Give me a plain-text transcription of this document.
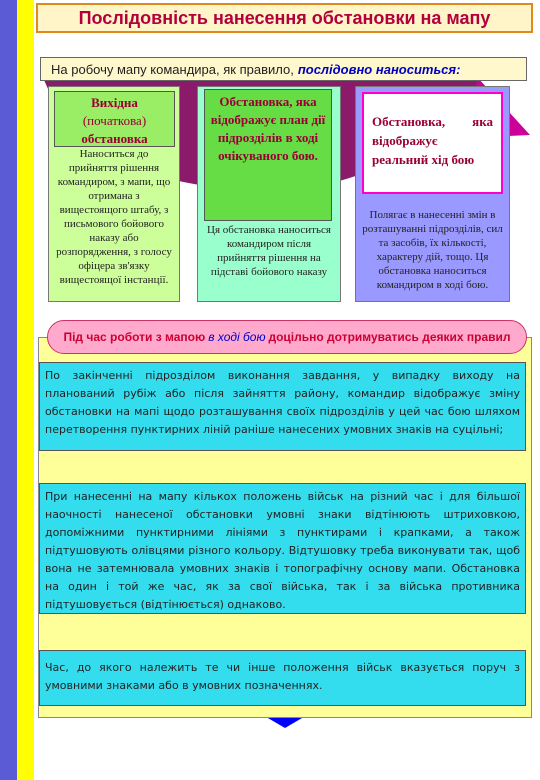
Послідовність нанесення обстановки на мапу
На робочу мапу командира, як правило, послідовно наноситься:
Наноситься до прийняття рішення командиром, з мапи, що отримана з вищестоящого штабу, з письмового бойового наказу або розпорядження, з голосу офіцера зв'язку вищестоящої інстанції.
Вихідна
(початкова)
обстановка
Ця обстановка наноситься командиром після прийняття рішення на підставі бойового наказу
Обстановка, яка відображує план дії підрозділів в ході очікуваного бою.
Полягає в нанесенні змін в розташуванні підрозділів, сил та засобів, їх кількості, характеру дій, тощо. Ця обстановка наноситься командиром в ході бою.
Обстановка, яка відображує реальний хід бою
Під час роботи з мапою в ході бою доцільно дотримуватись деяких правил
По закінченні підрозділом виконання завдання, у випадку виходу на планований рубіж або після зайняття району, командир відображує зміну обстановки на мапі щодо розташування своїх підрозділів у цей час бою шляхом перетворення пунктирних ліній раніше нанесених умовних знаків на суцільні;
При нанесенні на мапу кількох положень військ на різний час і для більшої наочності нанесеної обстановки умовні знаки відтінюють штриховкою, допоміжними пунктирними лініями з пунктирами і крапками, а також підтушовують олівцями різного кольору. Відтушовку треба виконувати так, щоб вона не затемнювала умовних знаків і топографічну основу мапи. Обстановка на один і той же час, як за свої війська, так і за війська противника підтушовується (відтінюється) однаково.
Час, до якого належить те чи інше положення військ вказується поруч з умовними знаками або в умовних позначеннях.
